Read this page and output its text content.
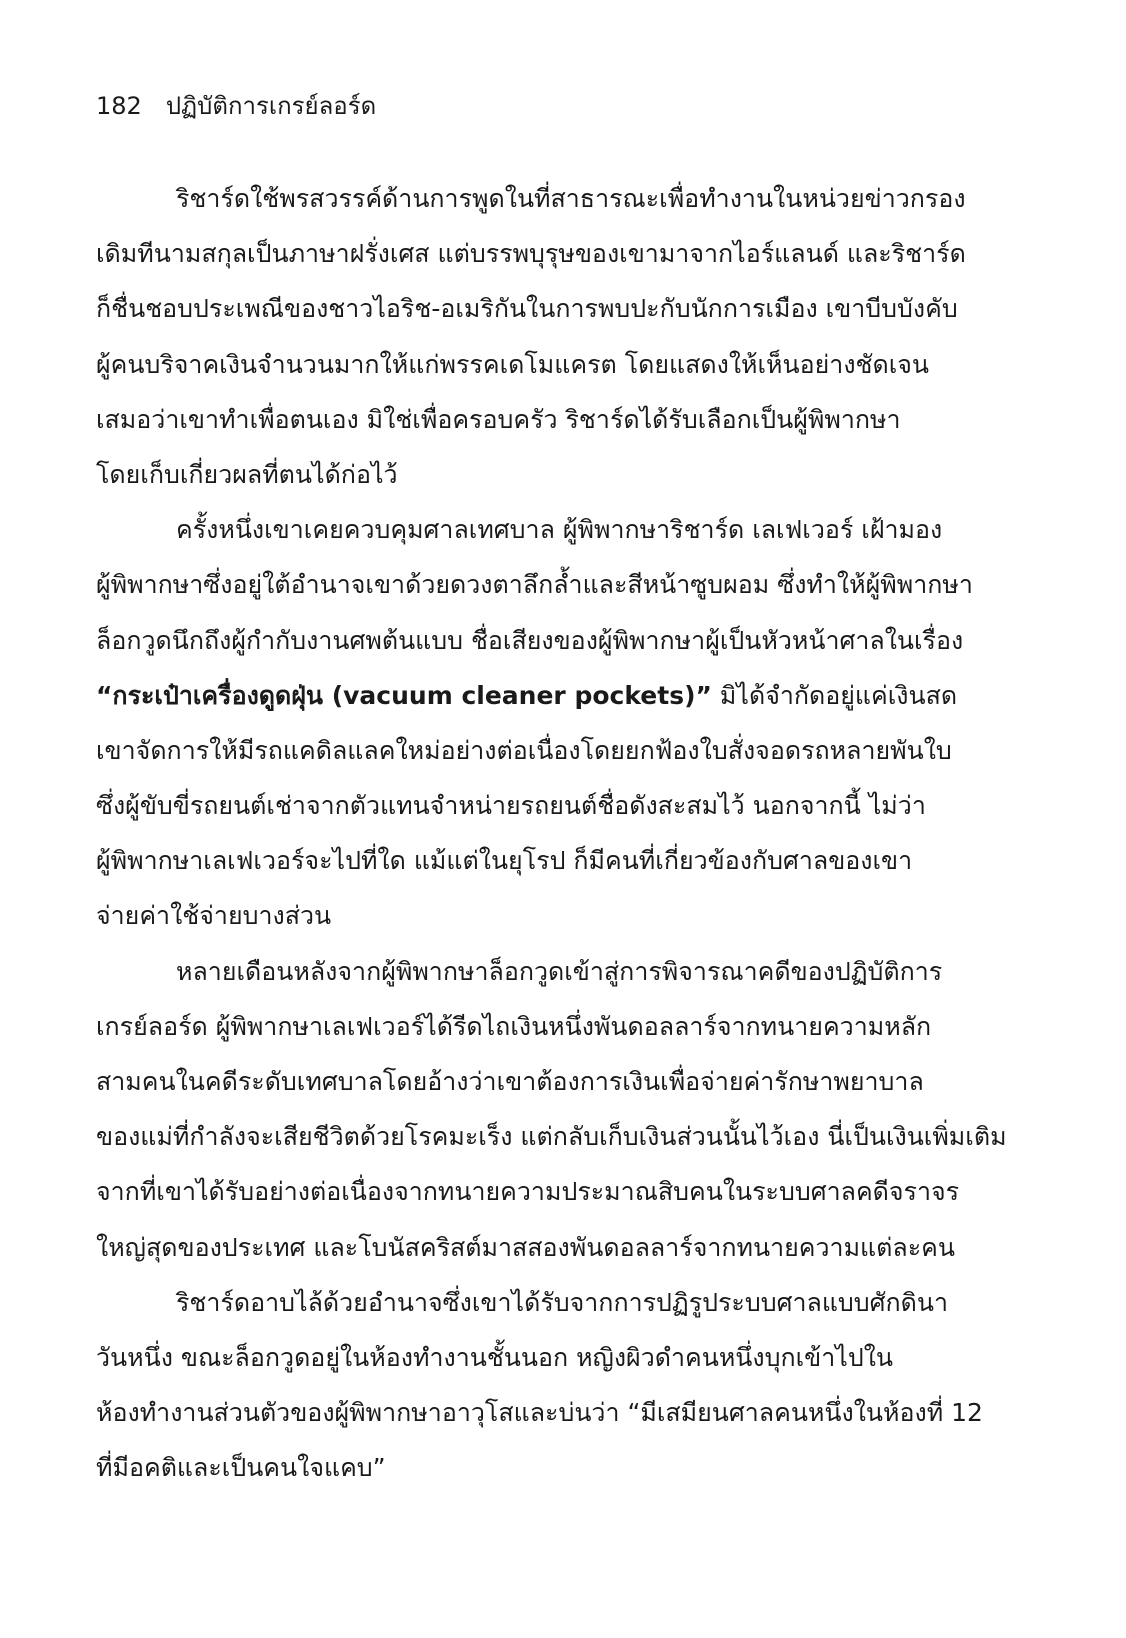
182 ปฏิบัติการเกรย์ลอร์ด
ริชาร์ดใช้พรสวรรค์ด้านการพูดในที่สาธารณะเพื่อทำงานในหน่วยข่าวกรอง
เดิมทีนามสกุลเป็นภาษาฝรั่งเศส แต่บรรพบุรุษของเขามาจากไอร์แลนด์ และริชาร์ด
ก็ชื่นชอบประเพณีของชาวไอริช-อเมริกันในการพบปะกับนักการเมือง เขาบีบบังคับ
ผู้คนบริจาคเงินจำนวนมากให้แก่พรรคเดโมแครต โดยแสดงให้เห็นอย่างชัดเจน
เสมอว่าเขาทำเพื่อตนเอง มิใช่เพื่อครอบครัว ริชาร์ดได้รับเลือกเป็นผู้พิพากษา
โดยเก็บเกี่ยวผลที่ตนได้ก่อไว้
ครั้งหนึ่งเขาเคยควบคุมศาลเทศบาล ผู้พิพากษาริชาร์ด เลเฟเวอร์ เฝ้ามอง
ผู้พิพากษาซึ่งอยู่ใต้อำนาจเขาด้วยดวงตาลึกล้ำและสีหน้าซูบผอม ซึ่งทำให้ผู้พิพากษา
ล็อกวูดนึกถึงผู้กำกับงานศพต้นแบบ ชื่อเสียงของผู้พิพากษาผู้เป็นหัวหน้าศาลในเรื่อง
“กระเป๋าเครื่องดูดฝุ่น (vacuum cleaner pockets)” มิได้จำกัดอยู่แค่เงินสด
เขาจัดการให้มีรถแคดิลแลคใหม่อย่างต่อเนื่องโดยยกฟ้องใบสั่งจอดรถหลายพันใบ
ซึ่งผู้ขับขี่รถยนต์เช่าจากตัวแทนจำหน่ายรถยนต์ชื่อดังสะสมไว้ นอกจากนี้ ไม่ว่า
ผู้พิพากษาเลเฟเวอร์จะไปที่ใด แม้แต่ในยุโรป ก็มีคนที่เกี่ยวข้องกับศาลของเขา
จ่ายค่าใช้จ่ายบางส่วน
หลายเดือนหลังจากผู้พิพากษาล็อกวูดเข้าสู่การพิจารณาคดีของปฏิบัติการ
เกรย์ลอร์ด ผู้พิพากษาเลเฟเวอร์ได้รีดไถเงินหนึ่งพันดอลลาร์จากทนายความหลัก
สามคนในคดีระดับเทศบาลโดยอ้างว่าเขาต้องการเงินเพื่อจ่ายค่ารักษาพยาบาล
ของแม่ที่กำลังจะเสียชีวิตด้วยโรคมะเร็ง แต่กลับเก็บเงินส่วนนั้นไว้เอง นี่เป็นเงินเพิ่มเติม
จากที่เขาได้รับอย่างต่อเนื่องจากทนายความประมาณสิบคนในระบบศาลคดีจราจร
ใหญ่สุดของประเทศ และโบนัสคริสต์มาสสองพันดอลลาร์จากทนายความแต่ละคน
ริชาร์ดอาบไล้ด้วยอำนาจซึ่งเขาได้รับจากการปฏิรูประบบศาลแบบศักดินา
วันหนึ่ง ขณะล็อกวูดอยู่ในห้องทำงานชั้นนอก หญิงผิวดำคนหนึ่งบุกเข้าไปใน
ห้องทำงานส่วนตัวของผู้พิพากษาอาวุโสและบ่นว่า “มีเสมียนศาลคนหนึ่งในห้องที่ 12
ที่มีอคติและเป็นคนใจแคบ”
